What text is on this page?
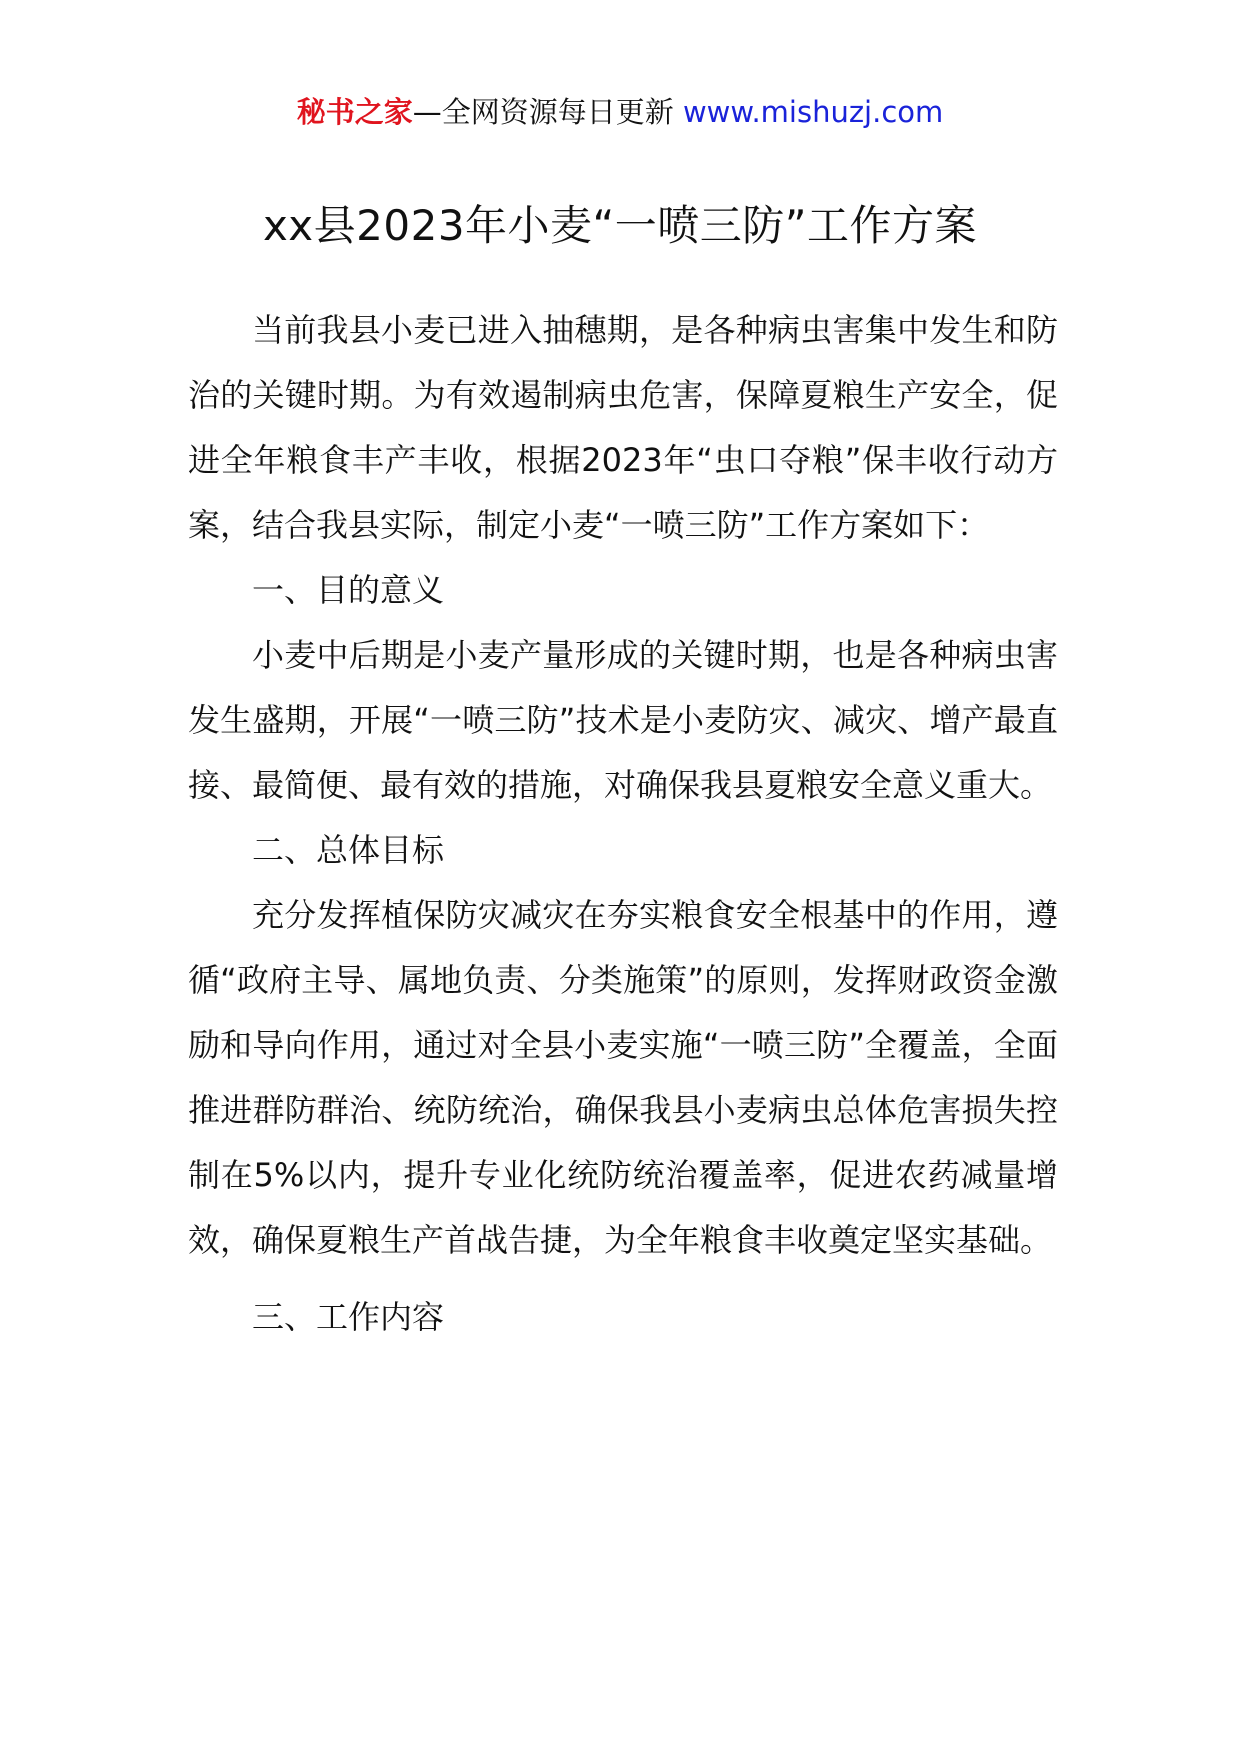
秘书之家—全网资源每日更新 www.mishuzj.com
xx县2023年小麦“一喷三防”工作方案

当前我县小麦已进入抽穗期，是各种病虫害集中发生和防治的关键时期。为有效遏制病虫危害，保障夏粮生产安全，促进全年粮食丰产丰收，根据2023年“虫口夺粮”保丰收行动方案，结合我县实际，制定小麦“一喷三防”工作方案如下：

一、目的意义

小麦中后期是小麦产量形成的关键时期，也是各种病虫害发生盛期，开展“一喷三防”技术是小麦防灾、减灾、增产最直接、最简便、最有效的措施，对确保我县夏粮安全意义重大。

二、总体目标

充分发挥植保防灾减灾在夯实粮食安全根基中的作用，遵循“政府主导、属地负责、分类施策”的原则，发挥财政资金激励和导向作用，通过对全县小麦实施“一喷三防”全覆盖，全面推进群防群治、统防统治，确保我县小麦病虫总体危害损失控制在5%以内，提升专业化统防统治覆盖率，促进农药减量增效，确保夏粮生产首战告捷，为全年粮食丰收奠定坚实基础。

三、工作内容
